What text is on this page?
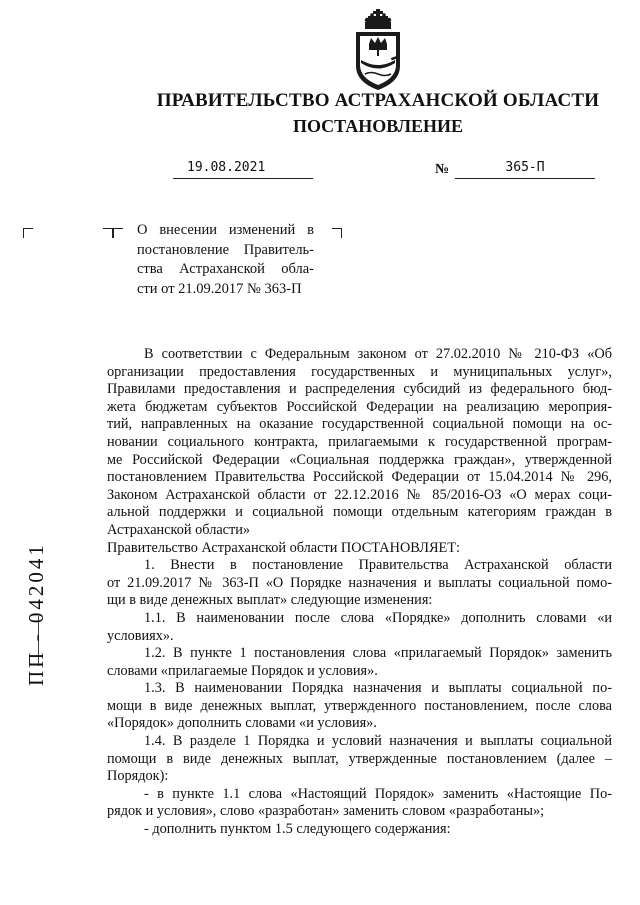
ПРАВИТЕЛЬСТВО АСТРАХАНСКОЙ ОБЛАСТИ
ПОСТАНОВЛЕНИЕ
19.08.2021	№	365-П
О внесении изменений в
постановление Правитель-
ства Астраханской обла-
сти от 21.09.2017 № 363-П
В соответствии с Федеральным законом от 27.02.2010 № 210-ФЗ «Об
организации предоставления государственных и муниципальных услуг»,
Правилами предоставления и распределения субсидий из федерального бюд-
жета бюджетам субъектов Российской Федерации на реализацию мероприя-
тий, направленных на оказание государственной социальной помощи на ос-
новании социального контракта, прилагаемыми к государственной програм-
ме Российской Федерации «Социальная поддержка граждан», утвержденной
постановлением Правительства Российской Федерации от 15.04.2014 № 296,
Законом Астраханской области от 22.12.2016 № 85/2016-ОЗ «О мерах соци-
альной поддержки и социальной помощи отдельным категориям граждан в
Астраханской области»
Правительство Астраханской области ПОСТАНОВЛЯЕТ:
1. Внести в постановление Правительства Астраханской области
от 21.09.2017 № 363-П «О Порядке назначения и выплаты социальной помо-
щи в виде денежных выплат» следующие изменения:
1.1. В наименовании после слова «Порядке» дополнить словами «и
условиях».
1.2. В пункте 1 постановления слова «прилагаемый Порядок» заменить
словами «прилагаемые Порядок и условия».
1.3. В наименовании Порядка назначения и выплаты социальной по-
мощи в виде денежных выплат, утвержденного постановлением, после слова
«Порядок» дополнить словами «и условия».
1.4. В разделе 1 Порядка и условий назначения и выплаты социальной
помощи в виде денежных выплат, утвержденные постановлением (далее –
Порядок):
- в пункте 1.1 слова «Настоящий Порядок» заменить «Настоящие По-
рядок и условия», слово «разработан» заменить словом «разработаны»;
- дополнить пунктом 1.5 следующего содержания:
ПП - 042041
